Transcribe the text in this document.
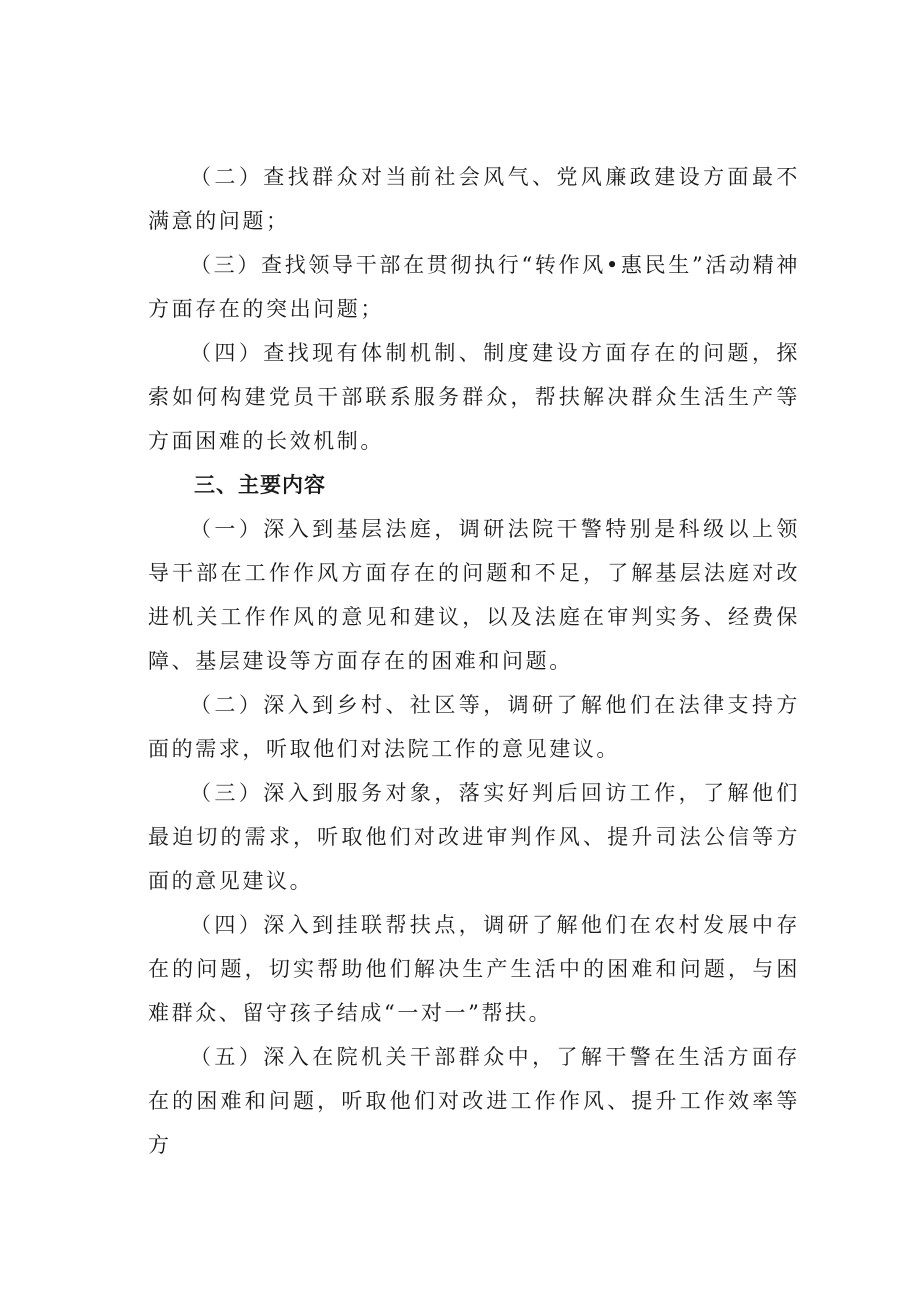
（二）查找群众对当前社会风气、党风廉政建设方面最不满意的问题；

（三）查找领导干部在贯彻执行“转作风•惠民生”活动精神方面存在的突出问题；

（四）查找现有体制机制、制度建设方面存在的问题，探索如何构建党员干部联系服务群众，帮扶解决群众生活生产等方面困难的长效机制。

三、主要内容

（一）深入到基层法庭，调研法院干警特别是科级以上领导干部在工作作风方面存在的问题和不足，了解基层法庭对改进机关工作作风的意见和建议，以及法庭在审判实务、经费保障、基层建设等方面存在的困难和问题。

（二）深入到乡村、社区等，调研了解他们在法律支持方面的需求，听取他们对法院工作的意见建议。

（三）深入到服务对象，落实好判后回访工作，了解他们最迫切的需求，听取他们对改进审判作风、提升司法公信等方面的意见建议。

（四）深入到挂联帮扶点，调研了解他们在农村发展中存在的问题，切实帮助他们解决生产生活中的困难和问题，与困难群众、留守孩子结成“一对一”帮扶。

（五）深入在院机关干部群众中，了解干警在生活方面存在的困难和问题，听取他们对改进工作作风、提升工作效率等方
